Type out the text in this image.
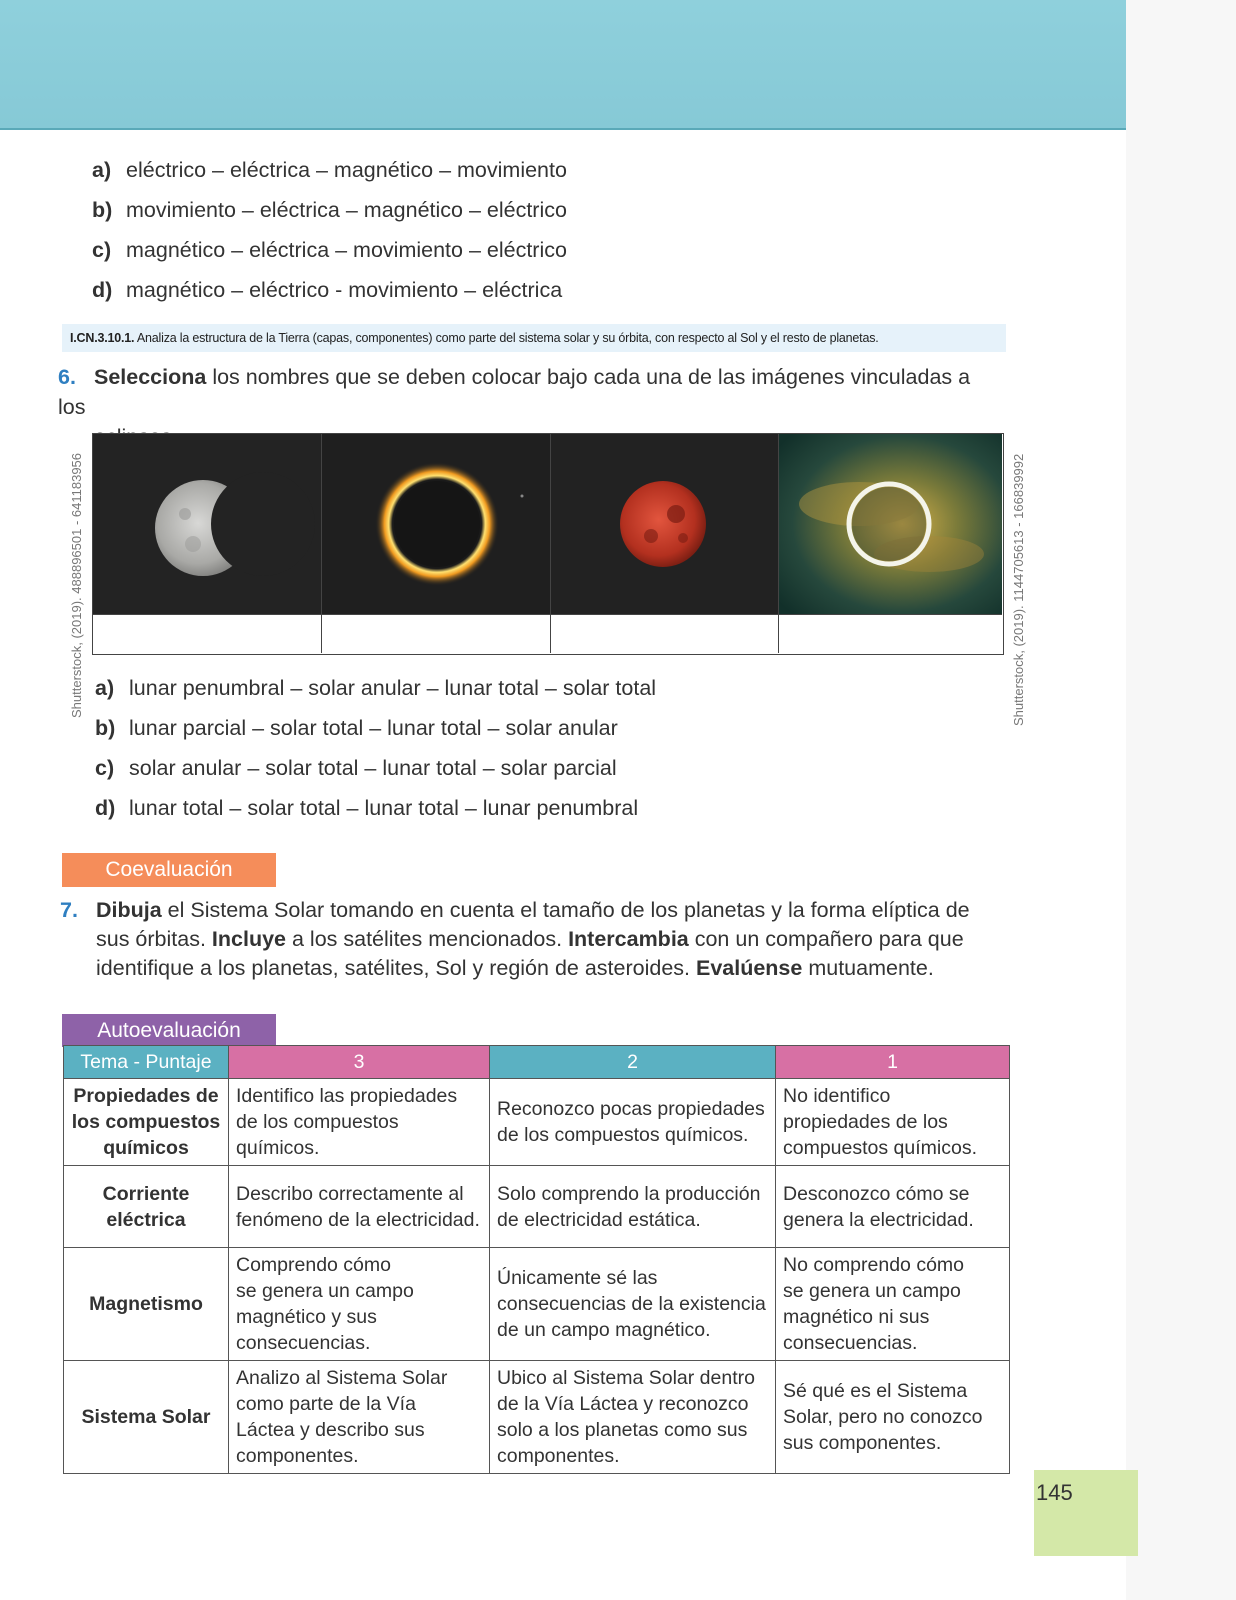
a) eléctrico – eléctrica – magnético – movimiento
b) movimiento – eléctrica – magnético – eléctrico
c) magnético – eléctrica – movimiento – eléctrico
d) magnético – eléctrico - movimiento – eléctrica
I.CN.3.10.1. Analiza la estructura de la Tierra (capas, componentes) como parte del sistema solar y su órbita, con respecto al Sol y el resto de planetas.
6. Selecciona los nombres que se deben colocar bajo cada una de las imágenes vinculadas a los
Shutterstock, (2019). 488896501 - 641183956	Shutterstock, (2019). 1144705613 - 166839992
a) lunar penumbral – solar anular – lunar total – solar total
b) lunar parcial – solar total – lunar total – solar anular
c) solar anular – solar total – lunar total – solar parcial
d) lunar total – solar total – lunar total – lunar penumbral
Coevaluación
7. Dibuja el Sistema Solar tomando en cuenta el tamaño de los planetas y la forma elíptica de
sus órbitas. Incluye a los satélites mencionados. Intercambia con un compañero para que
identifique a los planetas, satélites, Sol y región de asteroides. Evalúense mutuamente.
Autoevaluación
Tema - Puntaje	3	2	1
Propiedades de
los compuestos
químicos	Identifico las propiedades
de los compuestos
químicos.	Reconozco pocas propiedades
de los compuestos químicos.	No identifico
propiedades de los
compuestos químicos.
Corriente
eléctrica	Describo correctamente al
fenómeno de la electricidad.	Solo comprendo la producción
de electricidad estática.	Desconozco cómo se
genera la electricidad.
Magnetismo	Comprendo cómo
se genera un campo
magnético y sus
consecuencias.	Únicamente sé las
consecuencias de la existencia
de un campo magnético.	No comprendo cómo
se genera un campo
magnético ni sus
consecuencias.
Sistema Solar	Analizo al Sistema Solar
como parte de la Vía
Láctea y describo sus
componentes.	Ubico al Sistema Solar dentro
de la Vía Láctea y reconozco
solo a los planetas como sus
componentes.	Sé qué es el Sistema
Solar, pero no conozco
sus componentes.
145
